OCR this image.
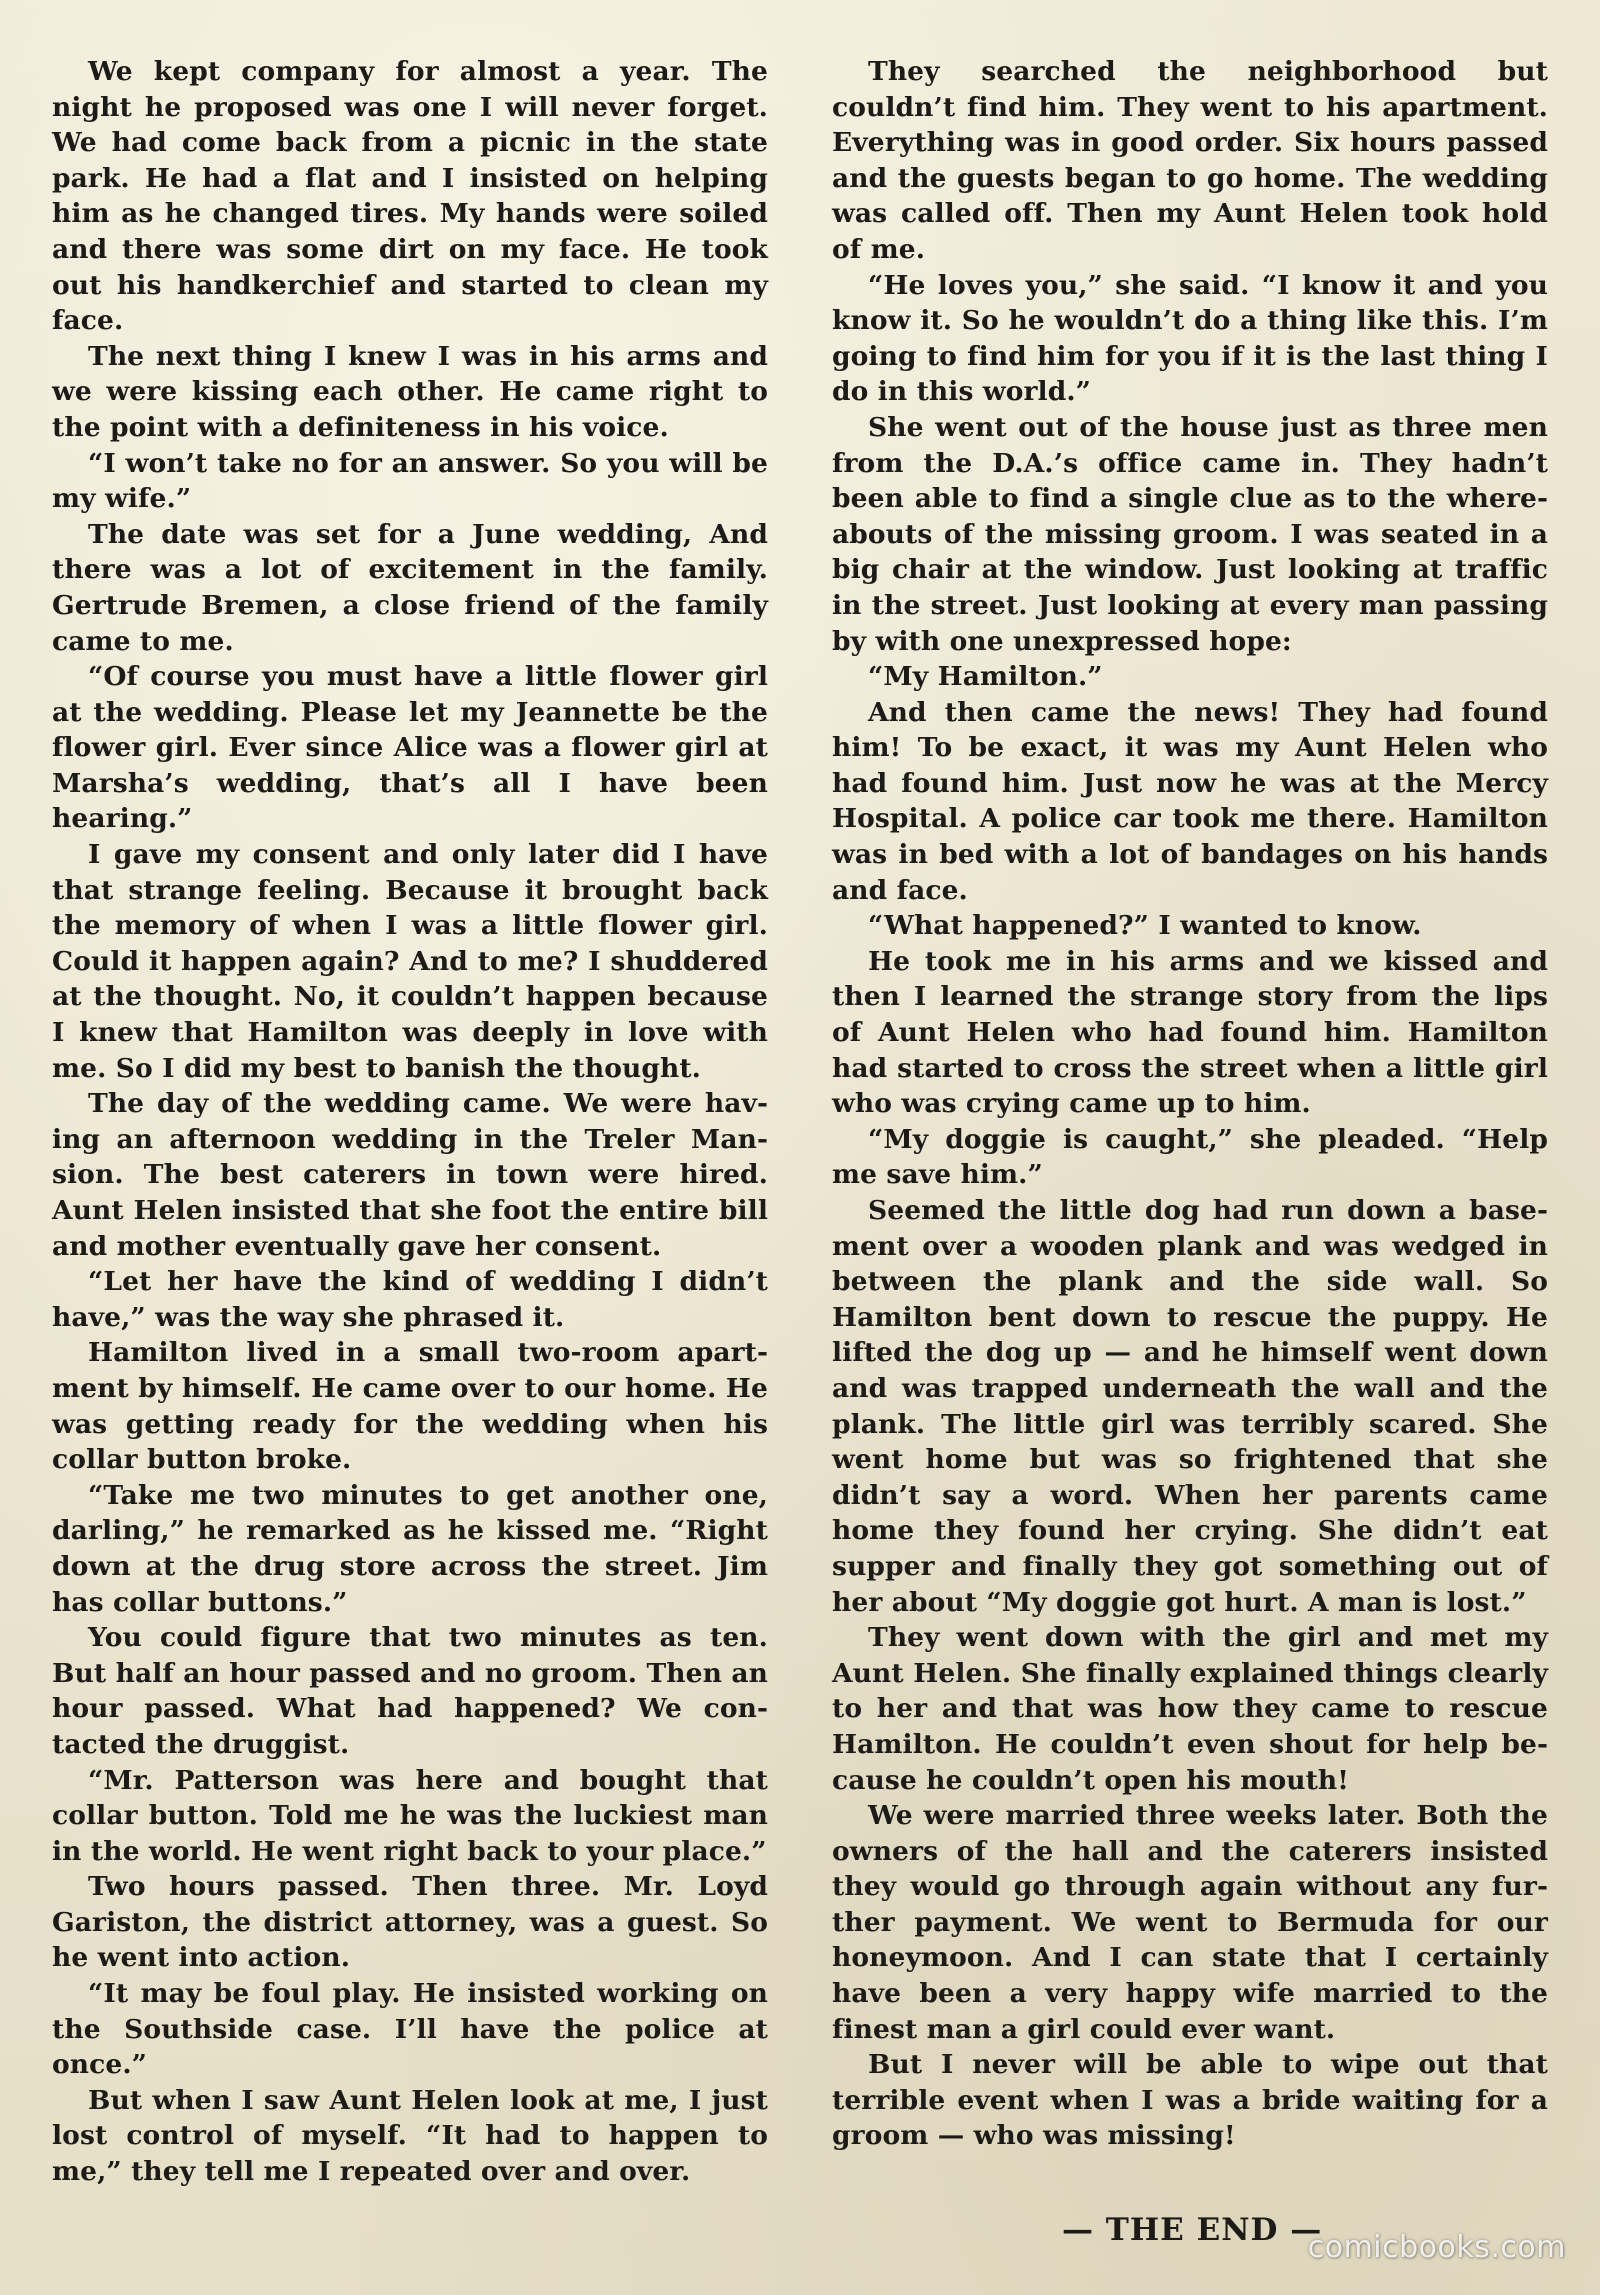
We kept company for almost a year. The night he proposed was one I will never forget. We had come back from a picnic in the state park. He had a flat and I insisted on helping him as he changed tires. My hands were soiled and there was some dirt on my face. He took out his handkerchief and started to clean my face.

The next thing I knew I was in his arms and we were kissing each other. He came right to the point with a definiteness in his voice.

“I won’t take no for an answer. So you will be my wife.”

The date was set for a June wedding, And there was a lot of excitement in the family. Gertrude Bremen, a close friend of the family came to me.

“Of course you must have a little flower girl at the wedding. Please let my Jeannette be the flower girl. Ever since Alice was a flower girl at Marsha’s wedding, that’s all I have been hearing.”

I gave my consent and only later did I have that strange feeling. Because it brought back the memory of when I was a little flower girl. Could it happen again? And to me? I shuddered at the thought. No, it couldn’t happen because I knew that Hamilton was deeply in love with me. So I did my best to banish the thought.

The day of the wedding came. We were having an afternoon wedding in the Treler Mansion. The best caterers in town were hired. Aunt Helen insisted that she foot the entire bill and mother eventually gave her consent.

“Let her have the kind of wedding I didn’t have,” was the way she phrased it.

Hamilton lived in a small two-room apartment by himself. He came over to our home. He was getting ready for the wedding when his collar button broke.

“Take me two minutes to get another one, darling,” he remarked as he kissed me. “Right down at the drug store across the street. Jim has collar buttons.”

You could figure that two minutes as ten. But half an hour passed and no groom. Then an hour passed. What had happened? We contacted the druggist.

“Mr. Patterson was here and bought that collar button. Told me he was the luckiest man in the world. He went right back to your place.”

Two hours passed. Then three. Mr. Loyd Gariston, the district attorney, was a guest. So he went into action.

“It may be foul play. He insisted working on the Southside case. I’ll have the police at once.”

But when I saw Aunt Helen look at me, I just lost control of myself. “It had to happen to me,” they tell me I repeated over and over.

They searched the neighborhood but couldn’t find him. They went to his apartment. Everything was in good order. Six hours passed and the guests began to go home. The wedding was called off. Then my Aunt Helen took hold of me.

“He loves you,” she said. “I know it and you know it. So he wouldn’t do a thing like this. I’m going to find him for you if it is the last thing I do in this world.”

She went out of the house just as three men from the D.A.’s office came in. They hadn’t been able to find a single clue as to the whereabouts of the missing groom. I was seated in a big chair at the window. Just looking at traffic in the street. Just looking at every man passing by with one unexpressed hope:

“My Hamilton.”

And then came the news! They had found him! To be exact, it was my Aunt Helen who had found him. Just now he was at the Mercy Hospital. A police car took me there. Hamilton was in bed with a lot of bandages on his hands and face.

“What happened?” I wanted to know.

He took me in his arms and we kissed and then I learned the strange story from the lips of Aunt Helen who had found him. Hamilton had started to cross the street when a little girl who was crying came up to him.

“My doggie is caught,” she pleaded. “Help me save him.”

Seemed the little dog had run down a basement over a wooden plank and was wedged in between the plank and the side wall. So Hamilton bent down to rescue the puppy. He lifted the dog up — and he himself went down and was trapped underneath the wall and the plank. The little girl was terribly scared. She went home but was so frightened that she didn’t say a word. When her parents came home they found her crying. She didn’t eat supper and finally they got something out of her about “My doggie got hurt. A man is lost.”

They went down with the girl and met my Aunt Helen. She finally explained things clearly to her and that was how they came to rescue Hamilton. He couldn’t even shout for help because he couldn’t open his mouth!

We were married three weeks later. Both the owners of the hall and the caterers insisted they would go through again without any further payment. We went to Bermuda for our honeymoon. And I can state that I certainly have been a very happy wife married to the finest man a girl could ever want.

But I never will be able to wipe out that terrible event when I was a bride waiting for a groom — who was missing!

— THE END —
comicbooks.com
